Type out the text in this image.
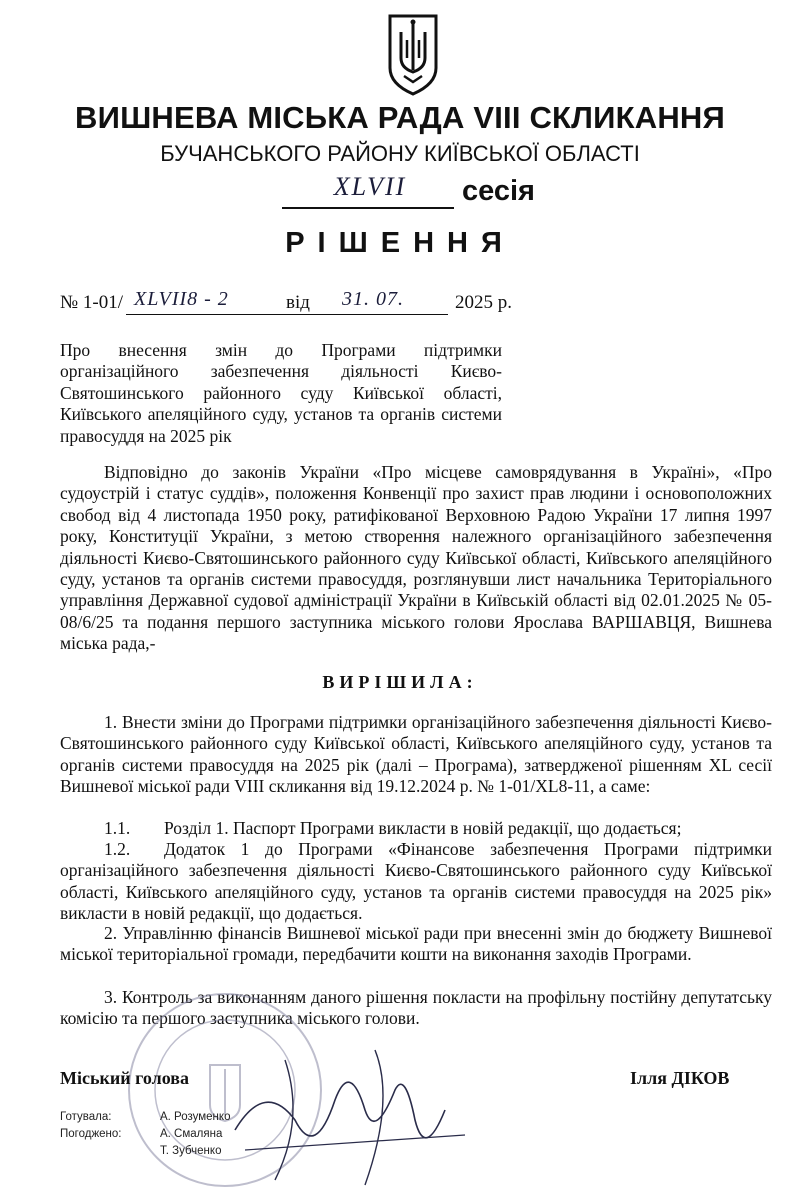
ВИШНЕВА МІСЬКА РАДА VIII СКЛИКАННЯ
БУЧАНСЬКОГО РАЙОНУ КИЇВСЬКОЇ ОБЛАСТІ
XLVII	сесія
РІШЕННЯ
№ 1-01/ XLVII8 - 2	від 31. 07.	2025 р.
Про внесення змін до Програми підтримки організаційного забезпечення діяльності Києво-Святошинського районного суду Київської області, Київського апеляційного суду, установ та органів системи правосуддя на 2025 рік
Відповідно до законів України «Про місцеве самоврядування в Україні», «Про судоустрій і статус суддів», положення Конвенції про захист прав людини і основоположних свобод від 4 листопада 1950 року, ратифікованої Верховною Радою України 17 липня 1997 року, Конституції України, з метою створення належного організаційного забезпечення діяльності Києво-Святошинського районного суду Київської області, Київського апеляційного суду, установ та органів системи правосуддя, розглянувши лист начальника Територіального управління Державної судової адміністрації України в Київській області від 02.01.2025 № 05-08/6/25 та подання першого заступника міського голови Ярослава ВАРШАВЦЯ, Вишнева міська рада,-
ВИРІШИЛА:
1. Внести зміни до Програми підтримки організаційного забезпечення діяльності Києво-Святошинського районного суду Київської області, Київського апеляційного суду, установ та органів системи правосуддя на 2025 рік (далі – Програма), затвердженої рішенням XL сесії Вишневої міської ради VIII скликання від 19.12.2024 р. № 1-01/XL8-11, а саме:
1.1. Розділ 1. Паспорт Програми викласти в новій редакції, що додається;
1.2.	Додаток 1 до Програми «Фінансове забезпечення Програми підтримки організаційного забезпечення діяльності Києво-Святошинського районного суду Київської області, Київського апеляційного суду, установ та органів системи правосуддя на 2025 рік» викласти в новій редакції, що додається.
2. Управлінню фінансів Вишневої міської ради при внесенні змін до бюджету Вишневої міської територіальної громади, передбачити кошти на виконання заходів Програми.
3. Контроль за виконанням даного рішення покласти на профільну постійну депутатську комісію та першого заступника міського голови.
Міський голова	Ілля ДІКОВ
Готувала:	А. Розуменко
Погоджено:	А. Смаляна
Т. Зубченко
